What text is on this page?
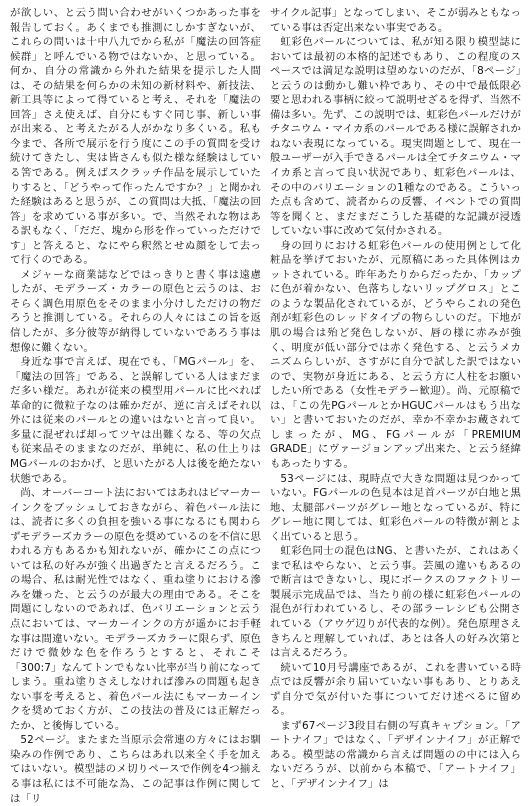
が欲しい、と云う問い合わせがいくつかあった事を報告しておく。あくまでも推測にしかすぎないが、これらの問いは十中八九でから私が「魔法の回答症候群」と呼んでいる物ではないか、と思っている。何か、自分の常識から外れた結果を提示した人間は、その結果を何らかの未知の新材料や、新技法、新工具等によって得ていると考え、それを「魔法の回答」さえ使えば、自分にもすぐ同じ事、新しい事が出来る、と考えたがる人がかなり多くいる。私も今まで、各所で展示を行う度にこの手の質問を受け続けてきたし、実は皆さんも似た様な経験はしている筈である。例えばスクラッチ作品を展示していたりすると、「どうやって作ったんですか？」と聞かれた経験はあると思うが、この質問は大抵、「魔法の回答」を求めている事が多い。で、当然それな物はある訳もなく、「だだ、塊から形を作っていっただけです」と答えると、なにやら釈然とせぬ顔をして去って行くのである。

メジャーな商業誌などではっきりと書く事は遠慮したが、モデラーズ・カラーの原色と云うのは、おそらく調色用原色をそのまま小分けしただけの物だろうと推測している。それらの人々にはこの旨を返信したが、多分彼等が納得していないであろう事は想像に難くない。

身近な事で言えば、現在でも、「MGパール」を、「魔法の回答」である、と誤解している人はまだまだ多い様だ。あれが従来の模型用パールに比べれば革命的に微粒子なのは確かだが、逆に言えばそれ以外には従来のパールとの違いはないと言って良い。多量に混ぜれば却ってツヤは出難くなる、等の欠点も従来品そのままなのだが、単純に、私の仕上りはMGパールのおかげ、と思いたがる人は後を絶たない状態である。

尚、オーバーコート法においてはあれはビマーカーインクをブッシュしておきながら、着色パール法には、読者に多くの負担を強いる事になるにも関わらずモデラーズカラーの原色を奨めているのを不信に思われる方もあるかも知れないが、確かにこの点については私の好みが強く出過ぎたと言えるだろう。この場合、私は耐光性ではなく、重ね塗りにおける滲みを嫌った、と云うのが最大の理由である。そこを問題にしないのであれば、色バリエーションと云う点においては、マーカーインクの方が遥かにお手軽な事は間違いない。モデラーズカラーに限らず、原色だけで微妙な色を作ろうとすると、それこそ「300:7」なんてトンでもない比率が当り前になってしまう。重ね塗りさえしなければ滲みの問題も起きない事を考えると、着色パール法にもマーカーインクを奨めておく方が、この技法の普及には正解だったか、と後悔している。

52ページ。またまた当原示会常連の方々にはお馴染みの作例であり、こちらはあれ以来全く手を加えてはいない。模型誌のメ切りペースで作例を4つ揃える事は私には不可能な為、この記事は作例に関しては「リ

サイクル記事」となってしまい、そこが弱みともなっている事は否定出来ない事実である。

虹彩色パールについては、私が知る限り模型誌においては最初の本格的記述でもあり、この程度のスペースでは満足な説明は望めないのだが、「8ページ」と云うのは動かし難い枠であり、その中で最低限必要と思われる事柄に絞って説明せざるを得ず、当然不備は多い。先ず、この説明では、虹彩色パールだけがチタニウム・マイカ系のパールである様に誤解されかねない表現になっている。現実問題として、現在一般ユーザーが入手できるパールは全てチタニウム・マイカ系と言って良い状況であり、虹彩色パールは、その中のバリエーションの1種なのである。こういった点も含めて、読者からの反響、イベントでの質問等を聞くと、まだまだこうした基礎的な記識が浸透していない事に改めて気付かされる。

身の回りにおける虹彩色パールの使用例として化粧品を挙げておいたが、元原稿にあった具体例はカットされている。昨年あたりからだったか、「カップに色が着かない、色落ちしないリップグロス」とこのような製品化されているが、どうやらこれの発色剤が虹彩色のレッドタイプの物らしいのだ。下地が肌の場合は殆ど発色しないが、唇の様に赤みが強く、明度が低い部分では赤く発色する、と云うメカニズムらしいが、さすがに自分で試した訳ではないので、実物が身近にある、と云う方に人柱をお願いしたい所である（女性モデラー歓迎）。尚、元原稿では、「この先PGパールとかHGUCパールはもう出ない」と書いておいたのだが、幸か不幸かお蔵されてしまったが、MG、FGパールが「PREMIUM GRADE」にヴァージョンアップ出来た、と云う経緯もあったりする。

53ページには、現時点で大きな問題は見つかっていない。FGパールの色見本は足首パーツが白地と黒地、太腿部パーツがグレー地となっているが、特にグレー地に関しては、虹彩色パールの特徴が割とよく出ていると思う。

虹彩色同士の混色はNG、と書いたが、これはあくまで私はやらない、と云う事。芸風の違いもあるので断言はできないし、現にボークスのファクトリー製展示完成品では、当たり前の様に虹彩色パールの混色が行われているし、その部ラーレシピも公開されている（アウゲ辺りが代表的な例）。発色原理さえきちんと理解していれば、あとは各人の好み次第とは言えるだろう。

続いて10月号講座であるが、これを書いている時点では反響が余り届いていない事もあり、とりあえず自分で気が付いた事についてだけ述べるに留める。

まず67ページ3段目右側の写真キャプション。「アートナイフ」ではなく、「デザインナイフ」が正解である。模型誌の常識から言えば問題のの中には入らないだろうが、以前から本稿で、「アートナイフ」と、「デザインナイフ」は
